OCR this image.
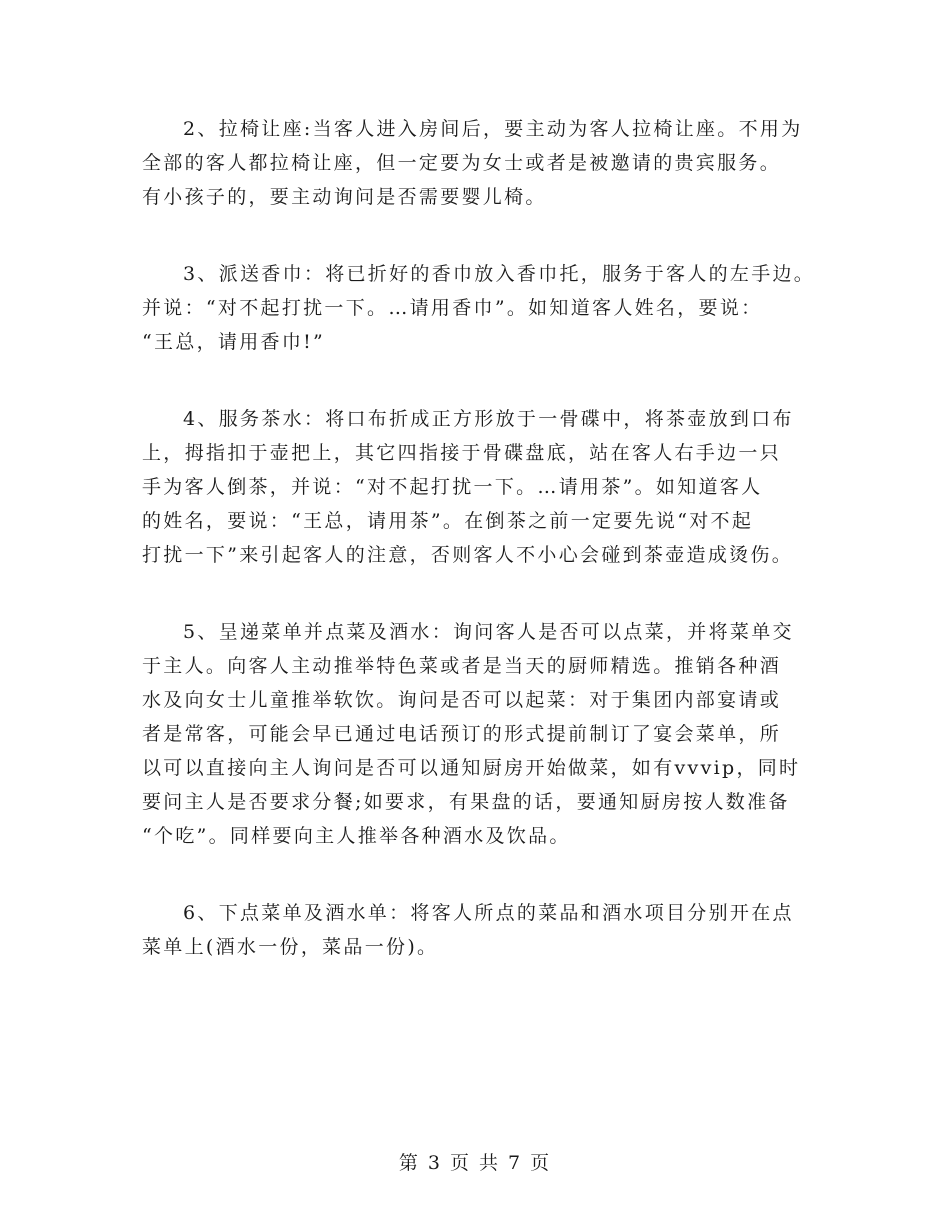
2、拉椅让座:当客人进入房间后，要主动为客人拉椅让座。不用为
全部的客人都拉椅让座，但一定要为女士或者是被邀请的贵宾服务。
有小孩子的，要主动询问是否需要婴儿椅。
3、派送香巾：将已折好的香巾放入香巾托，服务于客人的左手边。
并说：“对不起打扰一下。…请用香巾”。如知道客人姓名，要说：
“王总，请用香巾!”
4、服务茶水：将口布折成正方形放于一骨碟中，将茶壶放到口布
上，拇指扣于壶把上，其它四指接于骨碟盘底，站在客人右手边一只
手为客人倒茶，并说：“对不起打扰一下。…请用茶”。如知道客人
的姓名，要说：“王总，请用茶”。在倒茶之前一定要先说“对不起
打扰一下”来引起客人的注意，否则客人不小心会碰到茶壶造成烫伤。
5、呈递菜单并点菜及酒水：询问客人是否可以点菜，并将菜单交
于主人。向客人主动推举特色菜或者是当天的厨师精选。推销各种酒
水及向女士儿童推举软饮。询问是否可以起菜：对于集团内部宴请或
者是常客，可能会早已通过电话预订的形式提前制订了宴会菜单，所
以可以直接向主人询问是否可以通知厨房开始做菜，如有vvvip，同时
要问主人是否要求分餐;如要求，有果盘的话，要通知厨房按人数准备
“个吃”。同样要向主人推举各种酒水及饮品。
6、下点菜单及酒水单：将客人所点的菜品和酒水项目分别开在点
菜单上(酒水一份，菜品一份)。
第 3 页 共 7 页
